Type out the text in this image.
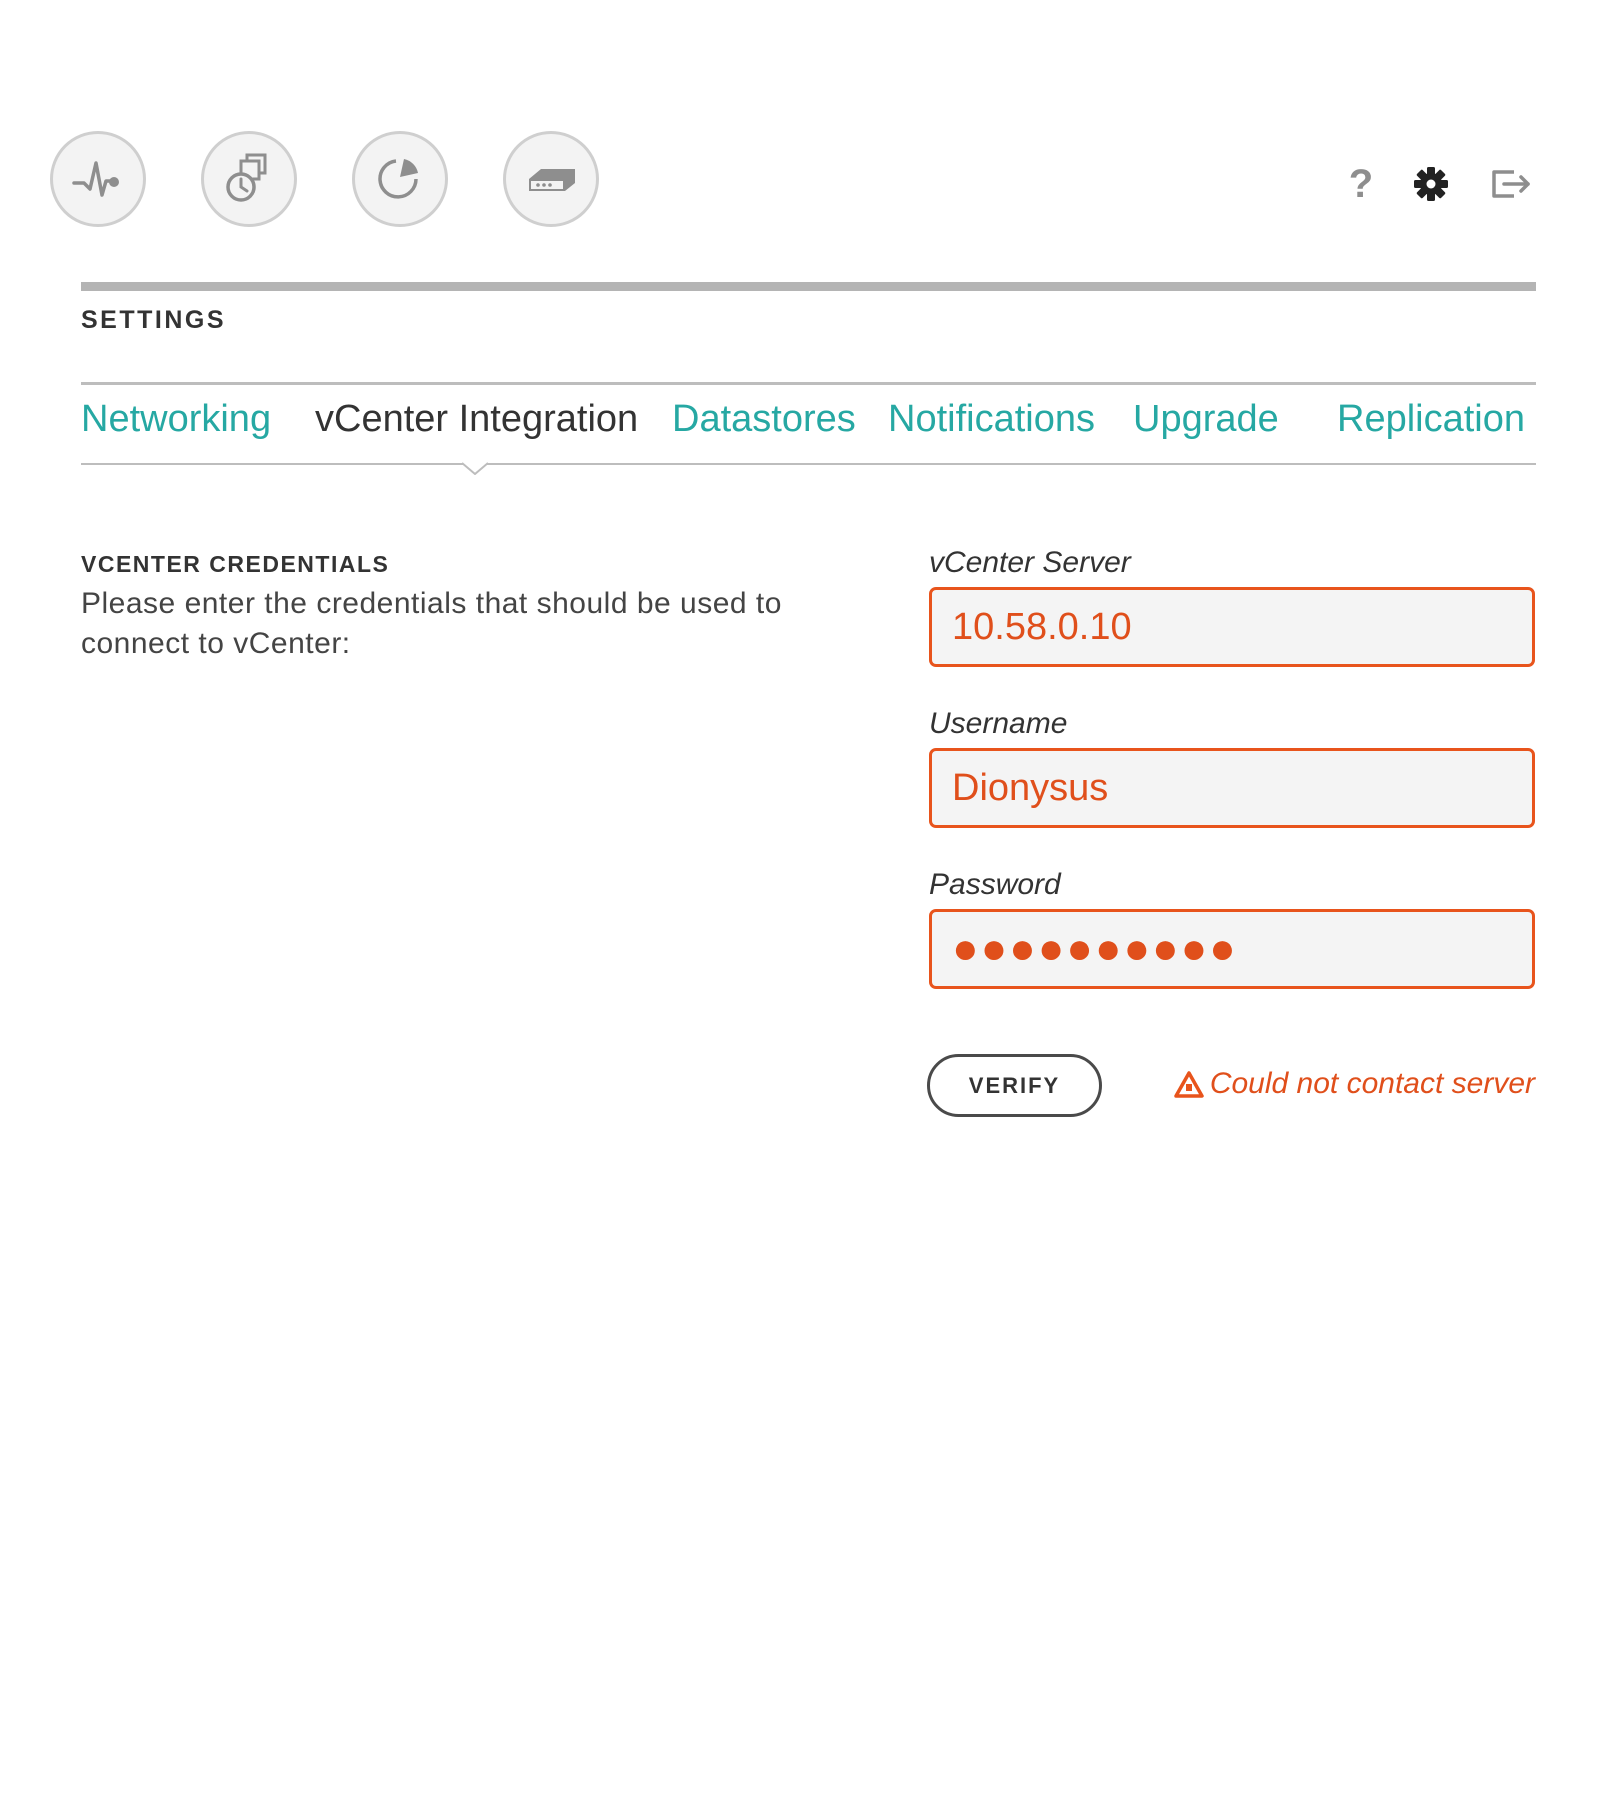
?
SETTINGS
Networking vCenter Integration Datastores Notifications Upgrade Replication
VCENTER CREDENTIALS
Please enter the credentials that should be used to connect to vCenter:
vCenter Server
10.58.0.10
Username
Dionysus
Password
●●●●●●●●●●
VERIFY	Could not contact server
